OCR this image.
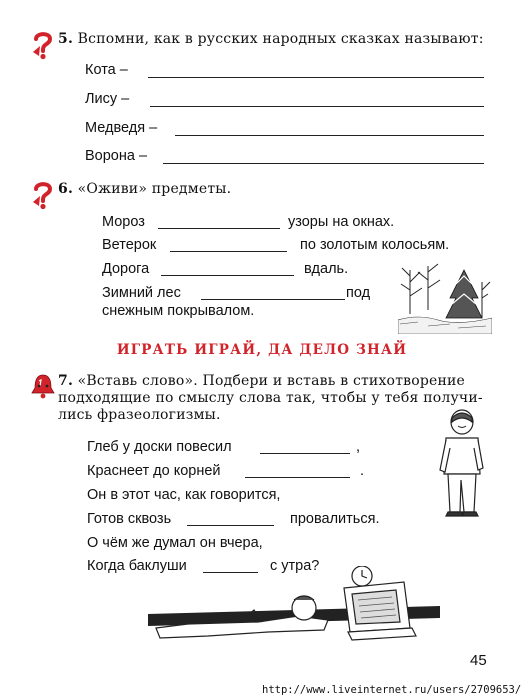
5. Вспомни, как в русских народных сказках называют:
Кота –
Лису –
Медведя –
Ворона –
6. «Оживи» предметы.
Мороз	узоры на окнах.
Ветерок	по золотым колосьям.
Дорога	вдаль.
Зимний лес	под
снежным покрывалом.
ИГРАТЬ ИГРАЙ, ДА ДЕЛО ЗНАЙ
7. «Вставь слово». Подбери и вставь в стихотворение
подходящие по смыслу слова так, чтобы у тебя получи-
лись фразеологизмы.
Глеб у доски повесил	,
Краснеет до корней	.
Он в этот час, как говорится,
Готов сквозь	провалиться.
О чём же думал он вчера,
Когда баклуши	с утра?
45
http://www.liveinternet.ru/users/2709653/
